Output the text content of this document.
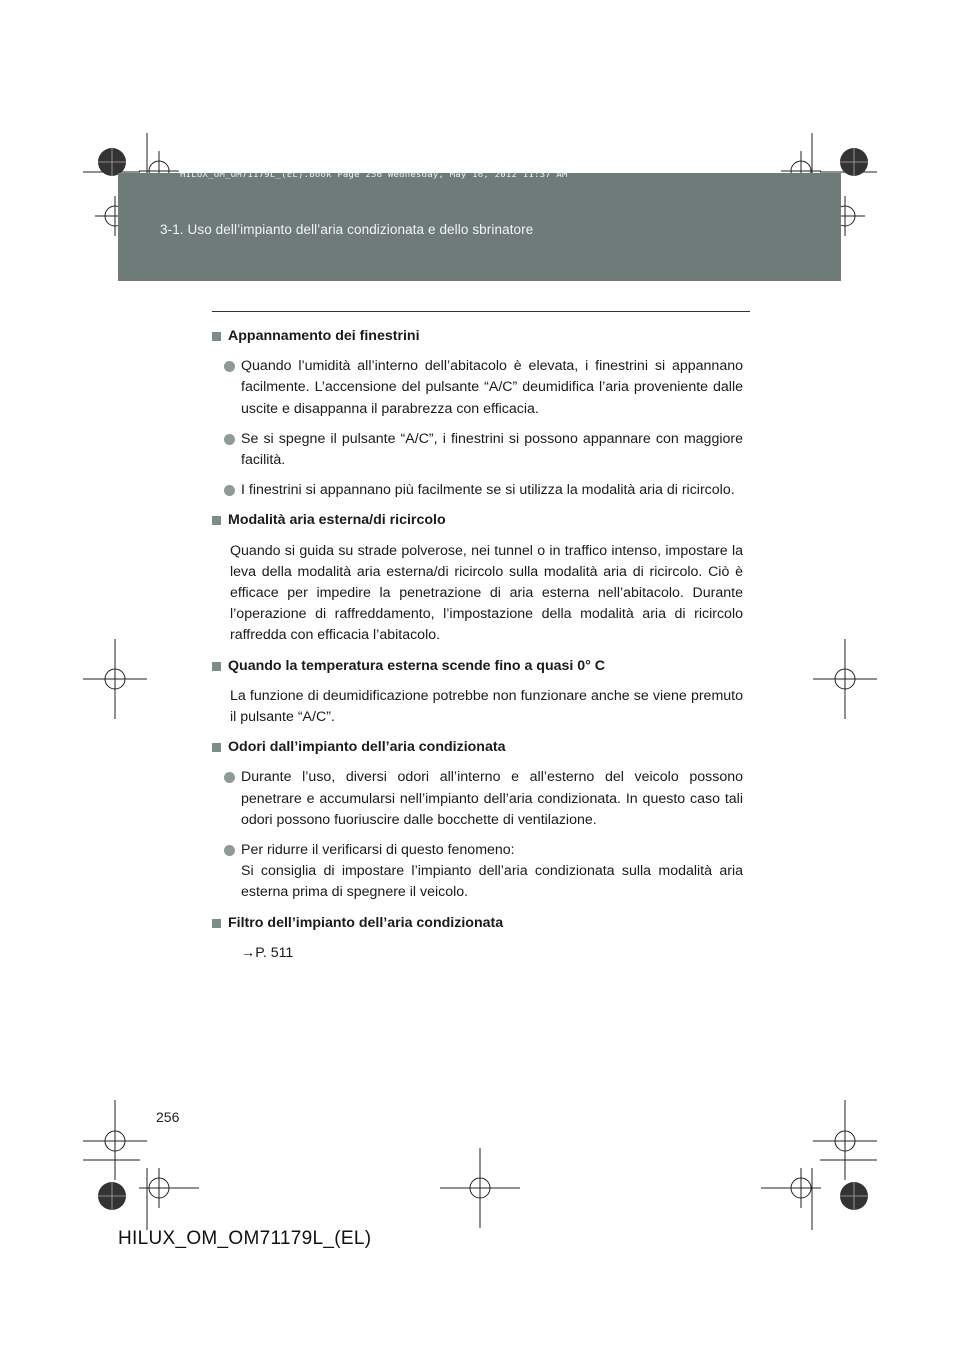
HILUX_OM_OM71179L_(EL).book Page 256 Wednesday, May 16, 2012 11:37 AM
3-1. Uso dell’impianto dell’aria condizionata e dello sbrinatore
Appannamento dei finestrini

Quando l’umidità all’interno dell’abitacolo è elevata, i finestrini si appannano facilmente. L’accensione del pulsante “A/C” deumidifica l’aria proveniente dalle uscite e disappanna il parabrezza con efficacia.

Se si spegne il pulsante “A/C”, i finestrini si possono appannare con maggiore facilità.

I finestrini si appannano più facilmente se si utilizza la modalità aria di ricircolo.

Modalità aria esterna/di ricircolo
Quando si guida su strade polverose, nei tunnel o in traffico intenso, impostare la leva della modalità aria esterna/di ricircolo sulla modalità aria di ricircolo. Ciò è efficace per impedire la penetrazione di aria esterna nell’abitacolo. Durante l’operazione di raffreddamento, l’impostazione della modalità aria di ricircolo raffredda con efficacia l’abitacolo.
Quando la temperatura esterna scende fino a quasi 0° C
La funzione di deumidificazione potrebbe non funzionare anche se viene premuto il pulsante “A/C”.
Odori dall’impianto dell’aria condizionata

Durante l’uso, diversi odori all’interno e all’esterno del veicolo possono penetrare e accumularsi nell’impianto dell’aria condizionata. In questo caso tali odori possono fuoriuscire dalle bocchette di ventilazione.

Per ridurre il verificarsi di questo fenomeno:

Si consiglia di impostare l’impianto dell’aria condizionata sulla modalità aria esterna prima di spegnere il veicolo.

Filtro dell’impianto dell’aria condizionata
→P. 511
256
HILUX_OM_OM71179L_(EL)
